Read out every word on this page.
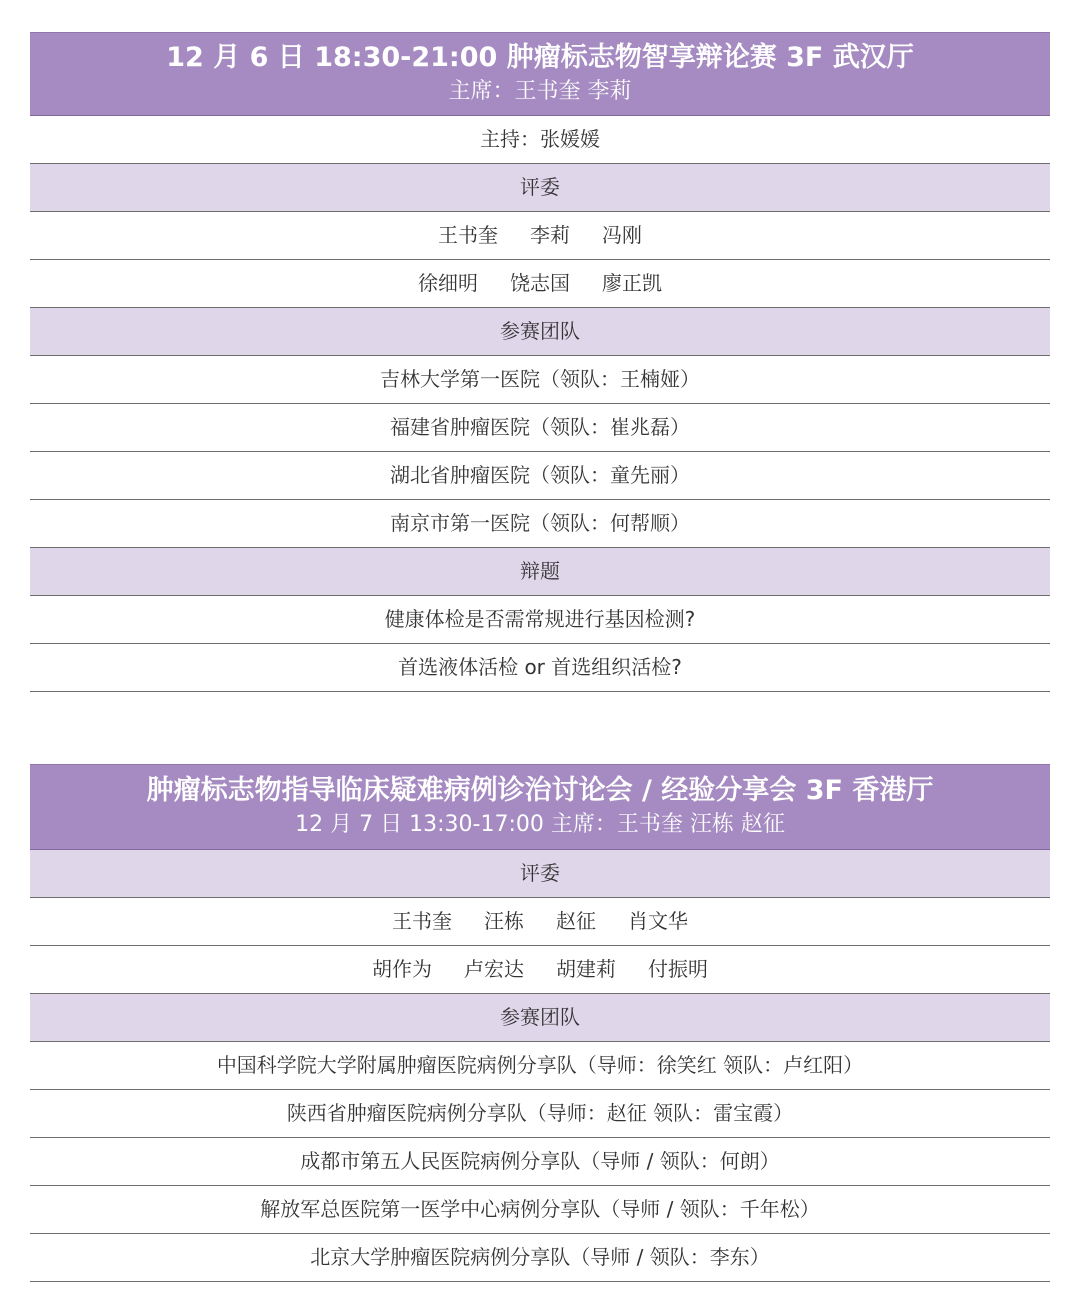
12 月 6 日 18:30-21:00 肿瘤标志物智享辩论赛 3F 武汉厅
主席：王书奎 李莉
主持：张媛媛
评委
王书奎 李莉 冯刚
徐细明 饶志国 廖正凯
参赛团队
吉林大学第一医院（领队：王楠娅）
福建省肿瘤医院（领队：崔兆磊）
湖北省肿瘤医院（领队：童先丽）
南京市第一医院（领队：何帮顺）
辩题
健康体检是否需常规进行基因检测?
首选液体活检 or 首选组织活检?
肿瘤标志物指导临床疑难病例诊治讨论会 / 经验分享会 3F 香港厅
12 月 7 日 13:30-17:00 主席：王书奎 汪栋 赵征
评委
王书奎 汪栋 赵征 肖文华
胡作为 卢宏达 胡建莉 付振明
参赛团队
中国科学院大学附属肿瘤医院病例分享队（导师：徐笑红 领队：卢红阳）
陕西省肿瘤医院病例分享队（导师：赵征 领队：雷宝霞）
成都市第五人民医院病例分享队（导师 / 领队：何朗）
解放军总医院第一医学中心病例分享队（导师 / 领队：千年松）
北京大学肿瘤医院病例分享队（导师 / 领队：李东）
